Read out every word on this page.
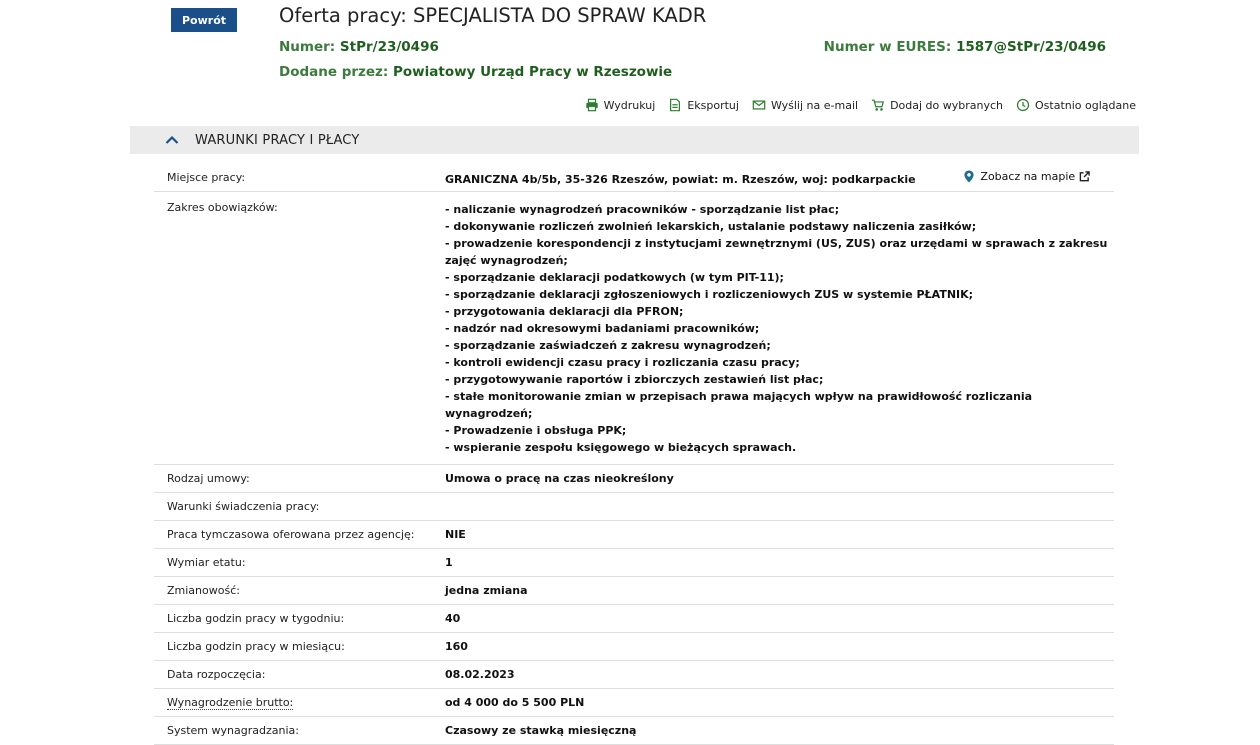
Powrót	Oferta pracy: SPECJALISTA DO SPRAW KADR
Numer: StPr/23/0496	Numer w EURES: 1587@StPr/23/0496
Dodane przez: Powiatowy Urząd Pracy w Rzeszowie
Wydrukuj	Eksportuj	Wyślij na e-mail	Dodaj do wybranych	Ostatnio oglądane
WARUNKI PRACY I PŁACY
Miejsce pracy:	GRANICZNA 4b/5b, 35-326 Rzeszów, powiat: m. Rzeszów, woj: podkarpackie	Zobacz na mapie
Zakres obowiązków:	- naliczanie wynagrodzeń pracowników - sporządzanie list płac;
- dokonywanie rozliczeń zwolnień lekarskich, ustalanie podstawy naliczenia zasiłków;
- prowadzenie korespondencji z instytucjami zewnętrznymi (US, ZUS) oraz urzędami w sprawach z zakresu zajęć wynagrodzeń;
- sporządzanie deklaracji podatkowych (w tym PIT-11);
- sporządzanie deklaracji zgłoszeniowych i rozliczeniowych ZUS w systemie PŁATNIK;
- przygotowania deklaracji dla PFRON;
- nadzór nad okresowymi badaniami pracowników;
- sporządzanie zaświadczeń z zakresu wynagrodzeń;
- kontroli ewidencji czasu pracy i rozliczania czasu pracy;
- przygotowywanie raportów i zbiorczych zestawień list płac;
- stałe monitorowanie zmian w przepisach prawa mających wpływ na prawidłowość rozliczania wynagrodzeń;
- Prowadzenie i obsługa PPK;
- wspieranie zespołu księgowego w bieżących sprawach.
Rodzaj umowy:	Umowa o pracę na czas nieokreślony
Warunki świadczenia pracy:
Praca tymczasowa oferowana przez agencję:	NIE
Wymiar etatu:	1
Zmianowość:	jedna zmiana
Liczba godzin pracy w tygodniu:	40
Liczba godzin pracy w miesiącu:	160
Data rozpoczęcia:	08.02.2023
Wynagrodzenie brutto:	od 4 000 do 5 500 PLN
System wynagradzania:	Czasowy ze stawką miesięczną
